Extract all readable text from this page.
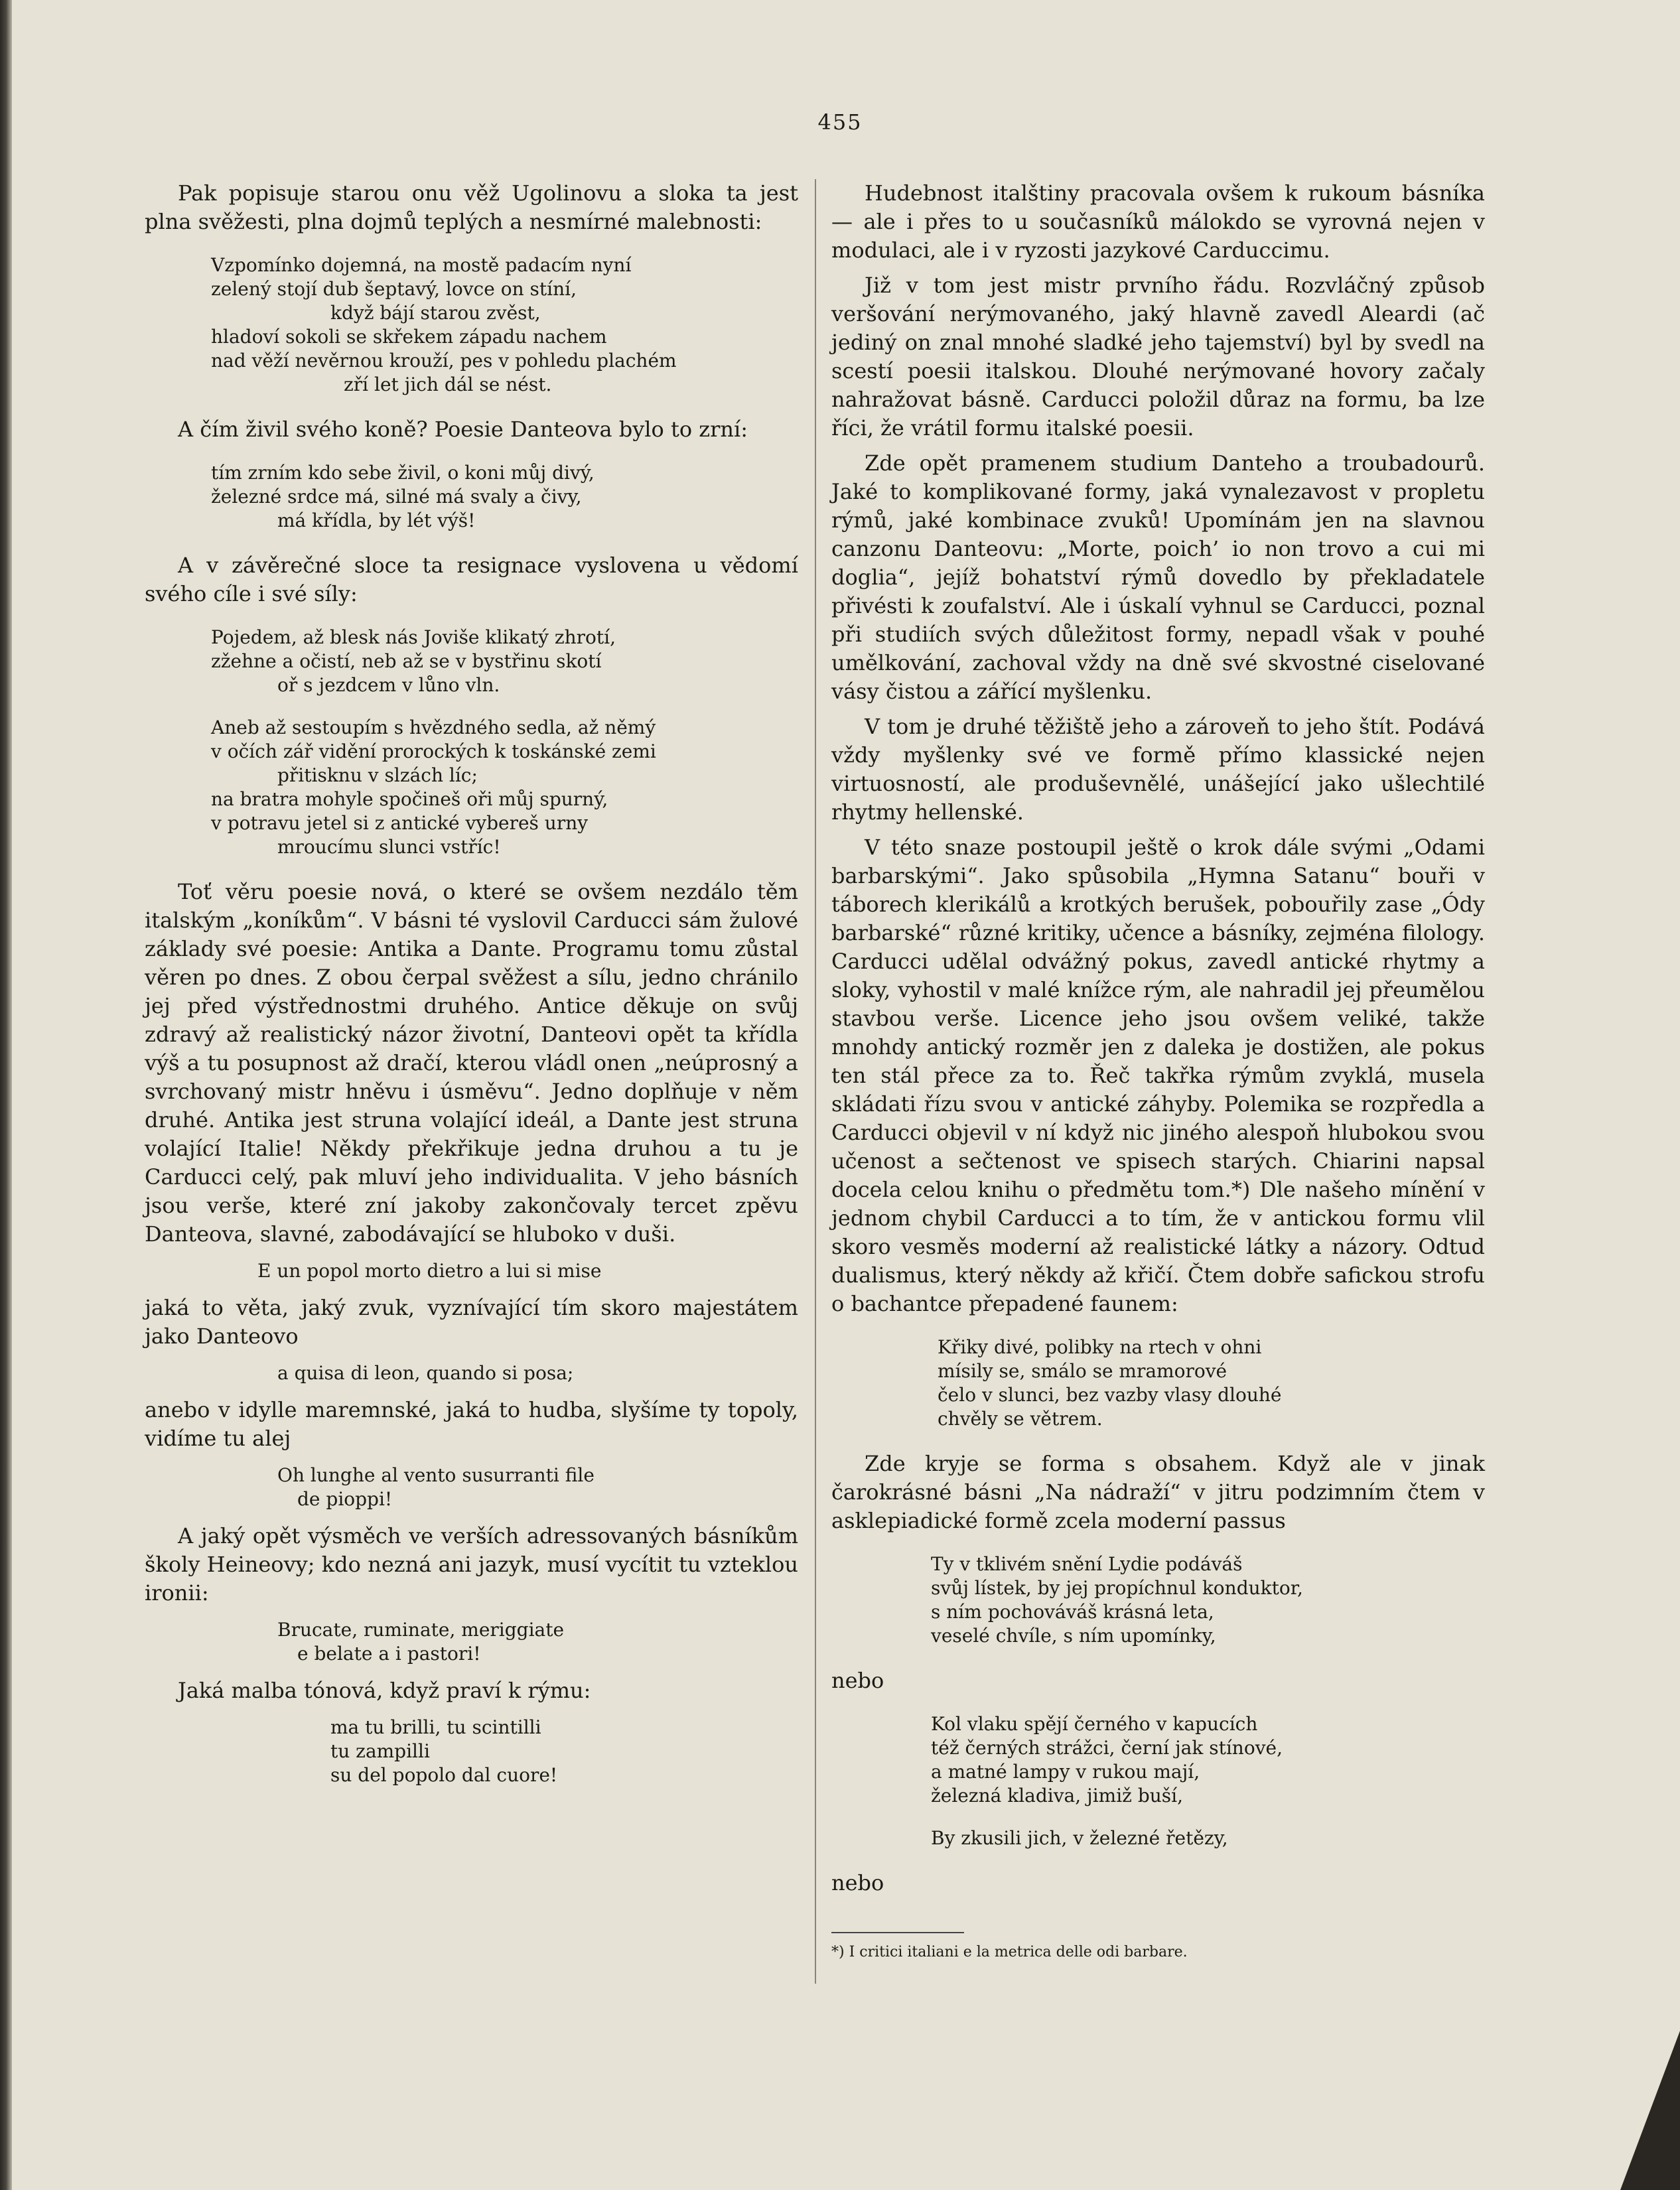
455

Pak popisuje starou onu věž Ugolinovu a sloka ta jest plna svěžesti, plna dojmů teplých a nesmírné malebnosti:

Vzpomínko dojemná, na mostě padacím nyní
zelený stojí dub šeptavý, lovce on stíní,
když bájí starou zvěst,
hladoví sokoli se skřekem západu nachem
nad věží nevěrnou krouží, pes v pohledu plachém
zří let jich dál se nést.

A čím živil svého koně? Poesie Danteova bylo to zrní:

tím zrním kdo sebe živil, o koni můj divý,
železné srdce má, silné má svaly a čivy,
má křídla, by lét výš!

A v závěrečné sloce ta resignace vyslovena u vědomí svého cíle i své síly:

Pojedem, až blesk nás Joviše klikatý zhrotí,
zžehne a očistí, neb až se v bystřinu skotí
oř s jezdcem v lůno vln.
Aneb až sestoupím s hvězdného sedla, až němý
v očích zář vidění prorockých k toskánské zemi
přitisknu v slzách líc;
na bratra mohyle spočineš oři můj spurný,
v potravu jetel si z antické vybereš urny
mroucímu slunci vstříc!

Toť věru poesie nová, o které se ovšem nezdálo těm italským „koníkům“. V básni té vyslovil Carducci sám žulové základy své poesie: Antika a Dante. Programu tomu zůstal věren po dnes. Z obou čerpal svěžest a sílu, jedno chránilo jej před výstřednostmi druhého. Antice děkuje on svůj zdravý až realistický názor životní, Danteovi opět ta křídla výš a tu posupnost až dračí, kterou vládl onen „neúprosný a svrchovaný mistr hněvu i úsměvu“. Jedno doplňuje v něm druhé. Antika jest struna volající ideál, a Dante jest struna volající Italie! Někdy překřikuje jedna druhou a tu je Carducci celý, pak mluví jeho individualita. V jeho básních jsou verše, které zní jakoby zakončovaly tercet zpěvu Danteova, slavné, zabodávající se hluboko v duši.

E un popol morto dietro a lui si mise

jaká to věta, jaký zvuk, vyznívající tím skoro majestátem jako Danteovo

a quisa di leon, quando si posa;

anebo v idylle maremnské, jaká to hudba, slyšíme ty topoly, vidíme tu alej

Oh lunghe al vento susurranti file
de pioppi!

A jaký opět výsměch ve verších adressovaných básníkům školy Heineovy; kdo nezná ani jazyk, musí vycítit tu vzteklou ironii:

Brucate, ruminate, meriggiate
e belate a i pastori!

Jaká malba tónová, když praví k rýmu:

ma tu brilli, tu scintilli
tu zampilli
su del popolo dal cuore!

Hudebnost italštiny pracovala ovšem k rukoum básníka — ale i přes to u současníků málokdo se vyrovná nejen v modulaci, ale i v ryzosti jazykové Carduccimu.

Již v tom jest mistr prvního řádu. Rozvláčný způsob veršování nerýmovaného, jaký hlavně zavedl Aleardi (ač jediný on znal mnohé sladké jeho tajemství) byl by svedl na scestí poesii italskou. Dlouhé nerýmované hovory začaly nahražovat básně. Carducci položil důraz na formu, ba lze říci, že vrátil formu italské poesii.

Zde opět pramenem studium Danteho a troubadourů. Jaké to komplikované formy, jaká vynalezavost v propletu rýmů, jaké kombinace zvuků! Upomínám jen na slavnou canzonu Danteovu: „Morte, poich’ io non trovo a cui mi doglia“, jejíž bohatství rýmů dovedlo by překladatele přivésti k zoufalství. Ale i úskalí vyhnul se Carducci, poznal při studiích svých důležitost formy, nepadl však v pouhé umělkování, zachoval vždy na dně své skvostné ciselované vásy čistou a zářící myšlenku.

V tom je druhé těžiště jeho a zároveň to jeho štít. Podává vždy myšlenky své ve formě přímo klassické nejen virtuosností, ale produševnělé, unášející jako ušlechtilé rhytmy hellenské.

V této snaze postoupil ještě o krok dále svými „Odami barbarskými“. Jako spůsobila „Hymna Satanu“ bouři v táborech klerikálů a krotkých berušek, pobouřily zase „Ódy barbarské“ různé kritiky, učence a básníky, zejména filology. Carducci udělal odvážný pokus, zavedl antické rhytmy a sloky, vyhostil v malé knížce rým, ale nahradil jej přeumělou stavbou verše. Licence jeho jsou ovšem veliké, takže mnohdy antický rozměr jen z daleka je dostižen, ale pokus ten stál přece za to. Řeč takřka rýmům zvyklá, musela skládati řízu svou v antické záhyby. Polemika se rozpředla a Carducci objevil v ní když nic jiného alespoň hlubokou svou učenost a sečtenost ve spisech starých. Chiarini napsal docela celou knihu o předmětu tom.*) Dle našeho mínění v jednom chybil Carducci a to tím, že v antickou formu vlil skoro vesměs moderní až realistické látky a názory. Odtud dualismus, který někdy až křičí. Čtem dobře safickou strofu o bachantce přepadené faunem:

Křiky divé, polibky na rtech v ohni
mísily se, smálo se mramorové
čelo v slunci, bez vazby vlasy dlouhé
chvěly se větrem.

Zde kryje se forma s obsahem. Když ale v jinak čarokrásné básni „Na nádraží“ v jitru podzimním čtem v asklepiadické formě zcela moderní passus

Ty v tklivém snění Lydie podáváš
svůj lístek, by jej propíchnul konduktor,
s ním pochováváš krásná leta,
veselé chvíle, s ním upomínky,
nebo
Kol vlaku spějí černého v kapucích
též černých strážci, černí jak stínové,
a matné lampy v rukou mají,
železná kladiva, jimiž buší,
By zkusili jich, v železné řetězy,
nebo
*) I critici italiani e la metrica delle odi barbare.
